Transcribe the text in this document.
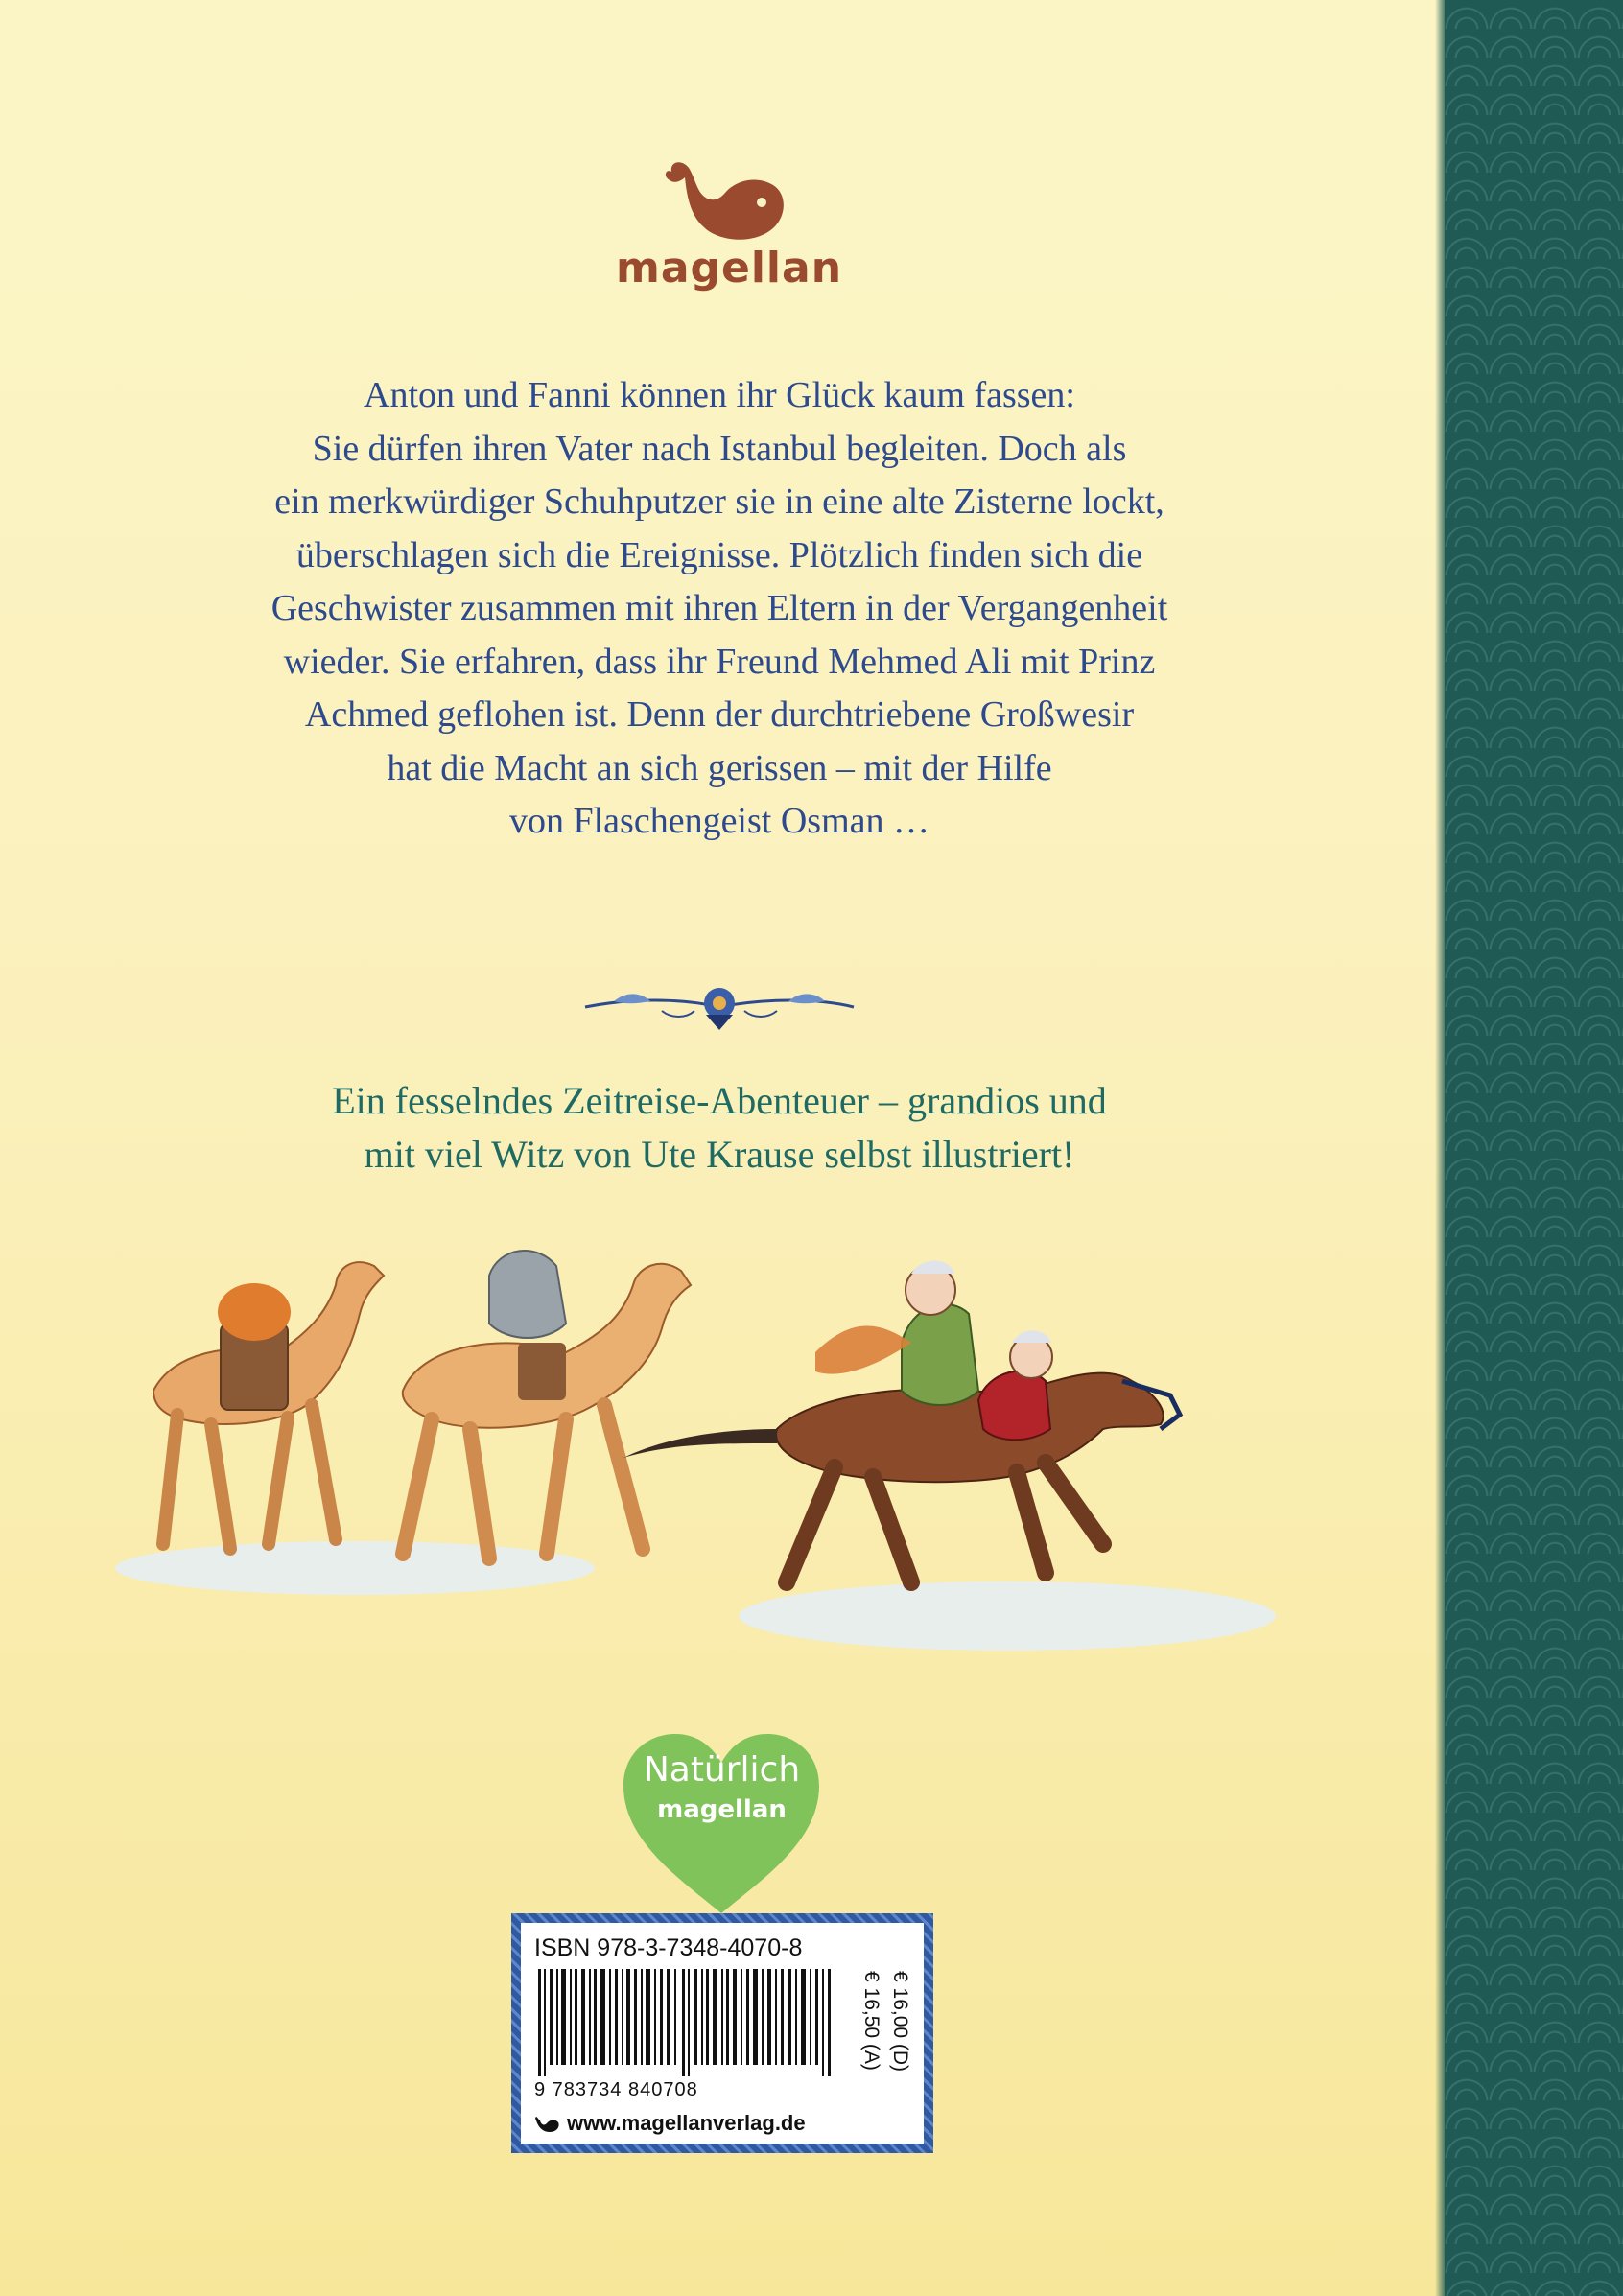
magellan
Anton und Fanni können ihr Glück kaum fassen:
Sie dürfen ihren Vater nach Istanbul begleiten. Doch als
ein merkwürdiger Schuhputzer sie in eine alte Zisterne lockt,
überschlagen sich die Ereignisse. Plötzlich finden sich die
Geschwister zusammen mit ihren Eltern in der Vergangenheit
wieder. Sie erfahren, dass ihr Freund Mehmed Ali mit Prinz
Achmed geflohen ist. Denn der durchtriebene Großwesir
hat die Macht an sich gerissen – mit der Hilfe
von Flaschengeist Osman …
Ein fesselndes Zeitreise-Abenteuer – grandios und
mit viel Witz von Ute Krause selbst illustriert!
Natürlich
magellan
ISBN 978-3-7348-4070-8
9 783734 840708
€ 16,00 (D)
€ 16,50 (A)
www.magellanverlag.de
